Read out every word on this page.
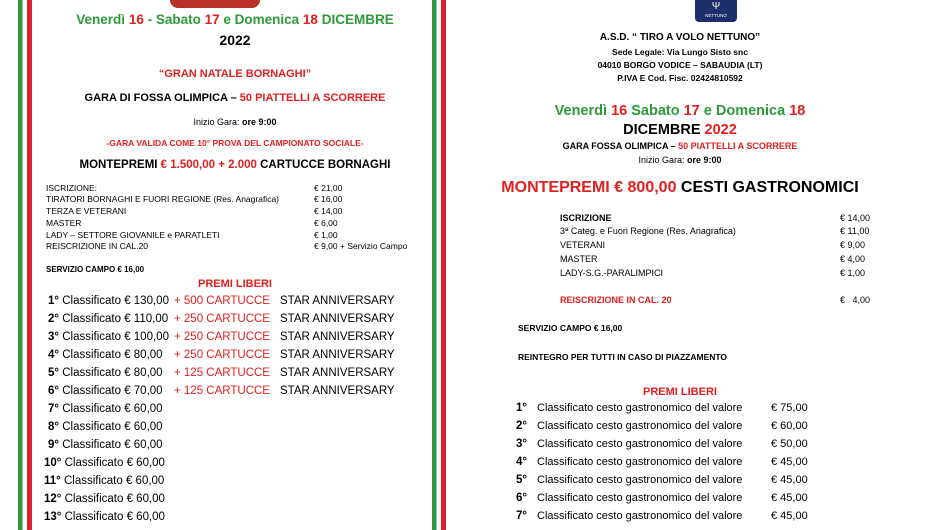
Venerdì 16 - Sabato 17 e Domenica 18 DICEMBRE
2022
“GRAN NATALE BORNAGHI”
GARA DI FOSSA OLIMPICA – 50 PIATTELLI A SCORRERE
Inizio Gara: ore 9:00
-GARA VALIDA COME 10° PROVA DEL CAMPIONATO SOCIALE-
MONTEPREMI € 1.500,00 + 2.000 CARTUCCE BORNAGHI
ISCRIZIONE:	€ 21,00
TIRATORI BORNAGHI E FUORI REGIONE (Res. Anagrafica)	€ 16,00
TERZA E VETERANI	€ 14,00
MASTER	€ 6,00
LADY – SETTORE GIOVANILE e PARATLETI	€ 1,00
REISCRIZIONE IN CAL.20	€ 9,00 + Servizio Campo
SERVIZIO CAMPO € 16,00
PREMI LIBERI
1° Classificato € 130,00 + 500 CARTUCCE STAR ANNIVERSARY
2° Classificato € 110,00 + 250 CARTUCCE STAR ANNIVERSARY
3° Classificato € 100,00 + 250 CARTUCCE STAR ANNIVERSARY
4° Classificato € 80,00 + 250 CARTUCCE STAR ANNIVERSARY
5° Classificato € 80,00 + 125 CARTUCCE STAR ANNIVERSARY
6° Classificato € 70,00 + 125 CARTUCCE STAR ANNIVERSARY
7° Classificato € 60,00
8° Classificato € 60,00
9° Classificato € 60,00
10° Classificato € 60,00
11° Classificato € 60,00
12° Classificato € 60,00
13° Classificato € 60,00
Ψ
NETTUNO
A.S.D. “ TIRO A VOLO NETTUNO”
Sede Legale: Via Lungo Sisto snc
04010 BORGO VODICE – SABAUDIA (LT)
P.IVA E Cod. Fisc. 02424810592
Venerdì 16 Sabato 17 e Domenica 18
DICEMBRE 2022
GARA FOSSA OLIMPICA – 50 PIATTELLI A SCORRERE
Inizio Gara: ore 9:00
MONTEPREMI € 800,00 CESTI GASTRONOMICI
ISCRIZIONE	€ 14,00
3ª Categ. e Fuori Regione (Res. Anagrafica)	€ 11,00
VETERANI	€ 9,00
MASTER	€ 4,00
LADY-S.G.-PARALIMPICI	€ 1,00
REISCRIZIONE IN CAL. 20	€   4,00
SERVIZIO CAMPO € 16,00
REINTEGRO PER TUTTI IN CASO DI PIAZZAMENTO
PREMI LIBERI
1° Classificato cesto gastronomico del valore	€ 75,00
2° Classificato cesto gastronomico del valore	€ 60,00
3° Classificato cesto gastronomico del valore	€ 50,00
4° Classificato cesto gastronomico del valore	€ 45,00
5° Classificato cesto gastronomico del valore	€ 45,00
6° Classificato cesto gastronomico del valore	€ 45,00
7° Classificato cesto gastronomico del valore	€ 45,00
